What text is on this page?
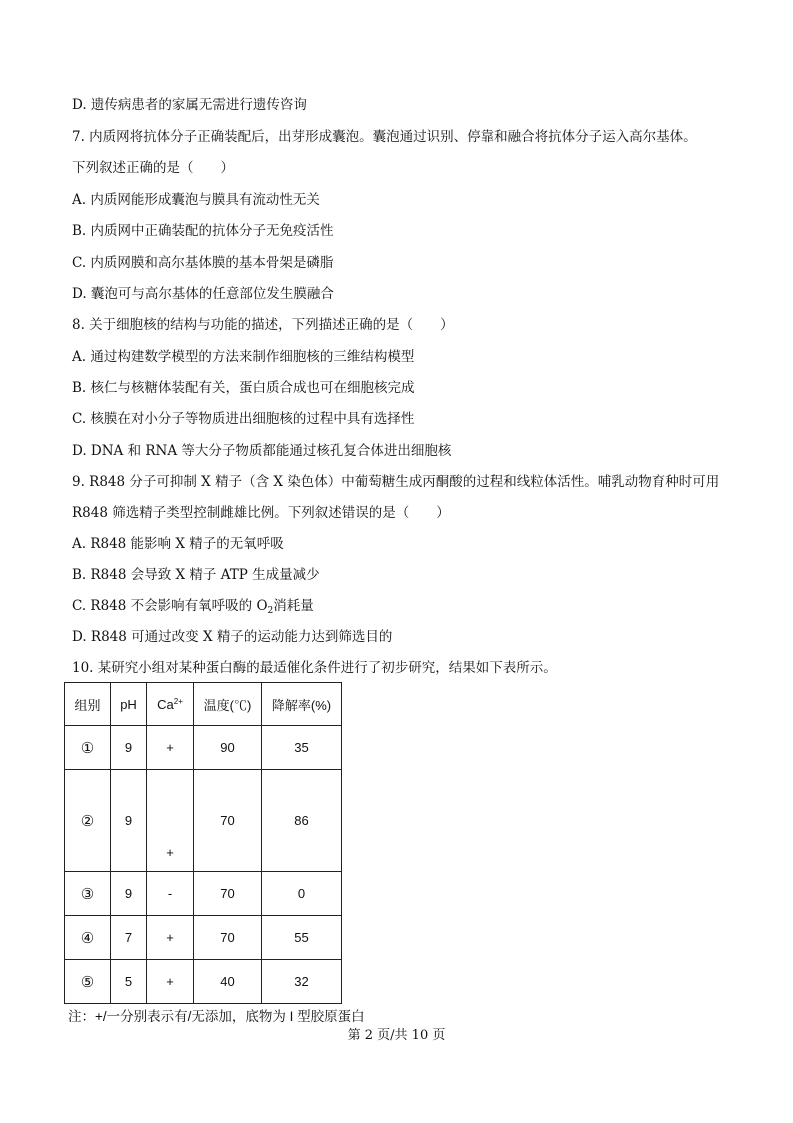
D. 遗传病患者的家属无需进行遗传咨询
7. 内质网将抗体分子正确装配后，出芽形成囊泡。囊泡通过识别、停靠和融合将抗体分子运入高尔基体。
下列叙述正确的是（　　）
A. 内质网能形成囊泡与膜具有流动性无关
B. 内质网中正确装配的抗体分子无免疫活性
C. 内质网膜和高尔基体膜的基本骨架是磷脂
D. 囊泡可与高尔基体的任意部位发生膜融合
8. 关于细胞核的结构与功能的描述，下列描述正确的是（　　）
A. 通过构建数学模型的方法来制作细胞核的三维结构模型
B. 核仁与核糖体装配有关，蛋白质合成也可在细胞核完成
C. 核膜在对小分子等物质进出细胞核的过程中具有选择性
D. DNA 和 RNA 等大分子物质都能通过核孔复合体进出细胞核
9. R848 分子可抑制 X 精子（含 X 染色体）中葡萄糖生成丙酮酸的过程和线粒体活性。哺乳动物育种时可用
R848 筛选精子类型控制雌雄比例。下列叙述错误的是（　　）
A. R848 能影响 X 精子的无氧呼吸
B. R848 会导致 X 精子 ATP 生成量减少
C. R848 不会影响有氧呼吸的 $O_2$消耗量
D. R848 可通过改变 X 精子的运动能力达到筛选目的
10. 某研究小组对某种蛋白酶的最适催化条件进行了初步研究，结果如下表所示。
组别	pH	$Ca^{2+}$	温度(℃)	降解率(%)
①	9	+	90	35
②	9	+	70	86
③	9	-	70	0
④	7	+	70	55
⑤	5	+	40	32
注：+/一分别表示有/无添加，底物为 I 型胶原蛋白
第 2 页/共 10 页
